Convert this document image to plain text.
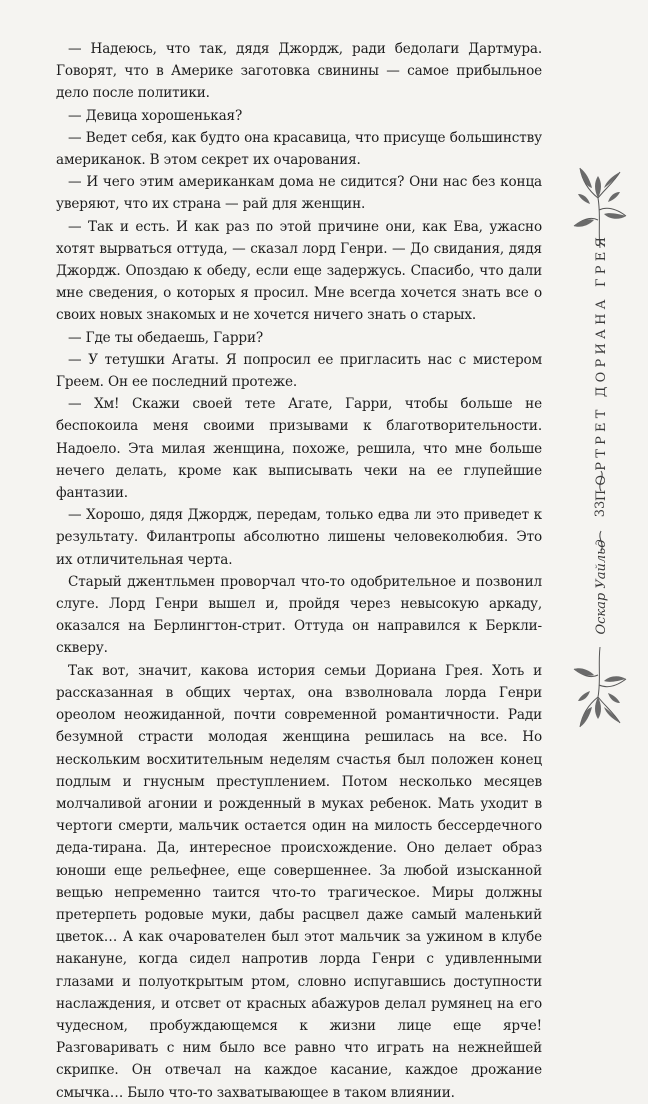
— Надеюсь, что так, дядя Джордж, ради бедолаги Дартмура. Говорят, что в Америке заготовка свинины — самое прибыльное дело после политики.

— Девица хорошенькая?

— Ведет себя, как будто она красавица, что присуще большинству американок. В этом секрет их очарования.

— И чего этим американкам дома не сидится? Они нас без конца уверяют, что их страна — рай для женщин.

— Так и есть. И как раз по этой причине они, как Ева, ужасно хотят вырваться оттуда, — сказал лорд Генри. — До свидания, дядя Джордж. Опоздаю к обеду, если еще задержусь. Спасибо, что дали мне сведения, о которых я просил. Мне всегда хочется знать все о своих новых знакомых и не хочется ничего знать о старых.

— Где ты обедаешь, Гарри?

— У тетушки Агаты. Я попросил ее пригласить нас с мистером Греем. Он ее последний протеже.

— Хм! Скажи своей тете Агате, Гарри, чтобы больше не беспокоила меня своими призывами к благотворительности. Надоело. Эта милая женщина, похоже, решила, что мне больше нечего делать, кроме как выписывать чеки на ее глупейшие фантазии.

— Хорошо, дядя Джордж, передам, только едва ли это приведет к результату. Филантропы абсолютно лишены человеколюбия. Это их отличительная черта.

Старый джентльмен проворчал что-то одобрительное и позвонил слуге. Лорд Генри вышел и, пройдя через невысокую аркаду, оказался на Берлингтон-стрит. Оттуда он направился к Беркли-скверу.

Так вот, значит, какова история семьи Дориана Грея. Хоть и рассказанная в общих чертах, она взволновала лорда Генри ореолом неожиданной, почти современной романтичности. Ради безумной страсти молодая женщина решилась на все. Но нескольким восхитительным неделям счастья был положен конец подлым и гнусным преступлением. Потом несколько месяцев молчаливой агонии и рожденный в муках ребенок. Мать уходит в чертоги смерти, мальчик остается один на милость бессердечного деда-тирана. Да, интересное происхождение. Оно делает образ юноши еще рельефнее, еще совершеннее. За любой изысканной вещью непременно таится что-то трагическое. Миры должны претерпеть родовые муки, дабы расцвел даже самый маленький цветок… А как очарователен был этот мальчик за ужином в клубе накануне, когда сидел напротив лорда Генри с удивленными глазами и полуоткрытым ртом, словно испугавшись доступности наслаждения, и отсвет от красных абажуров делал румянец на его чудесном, пробуждающемся к жизни лице еще ярче! Разговаривать с ним было все равно что играть на нежнейшей скрипке. Он отвечал на каждое касание, каждое дрожание смычка… Было что-то захватывающее в таком влиянии.

ПОРТРЕТ ДОРИАНА ГРЕЯ
33
Оскар Уайльд
